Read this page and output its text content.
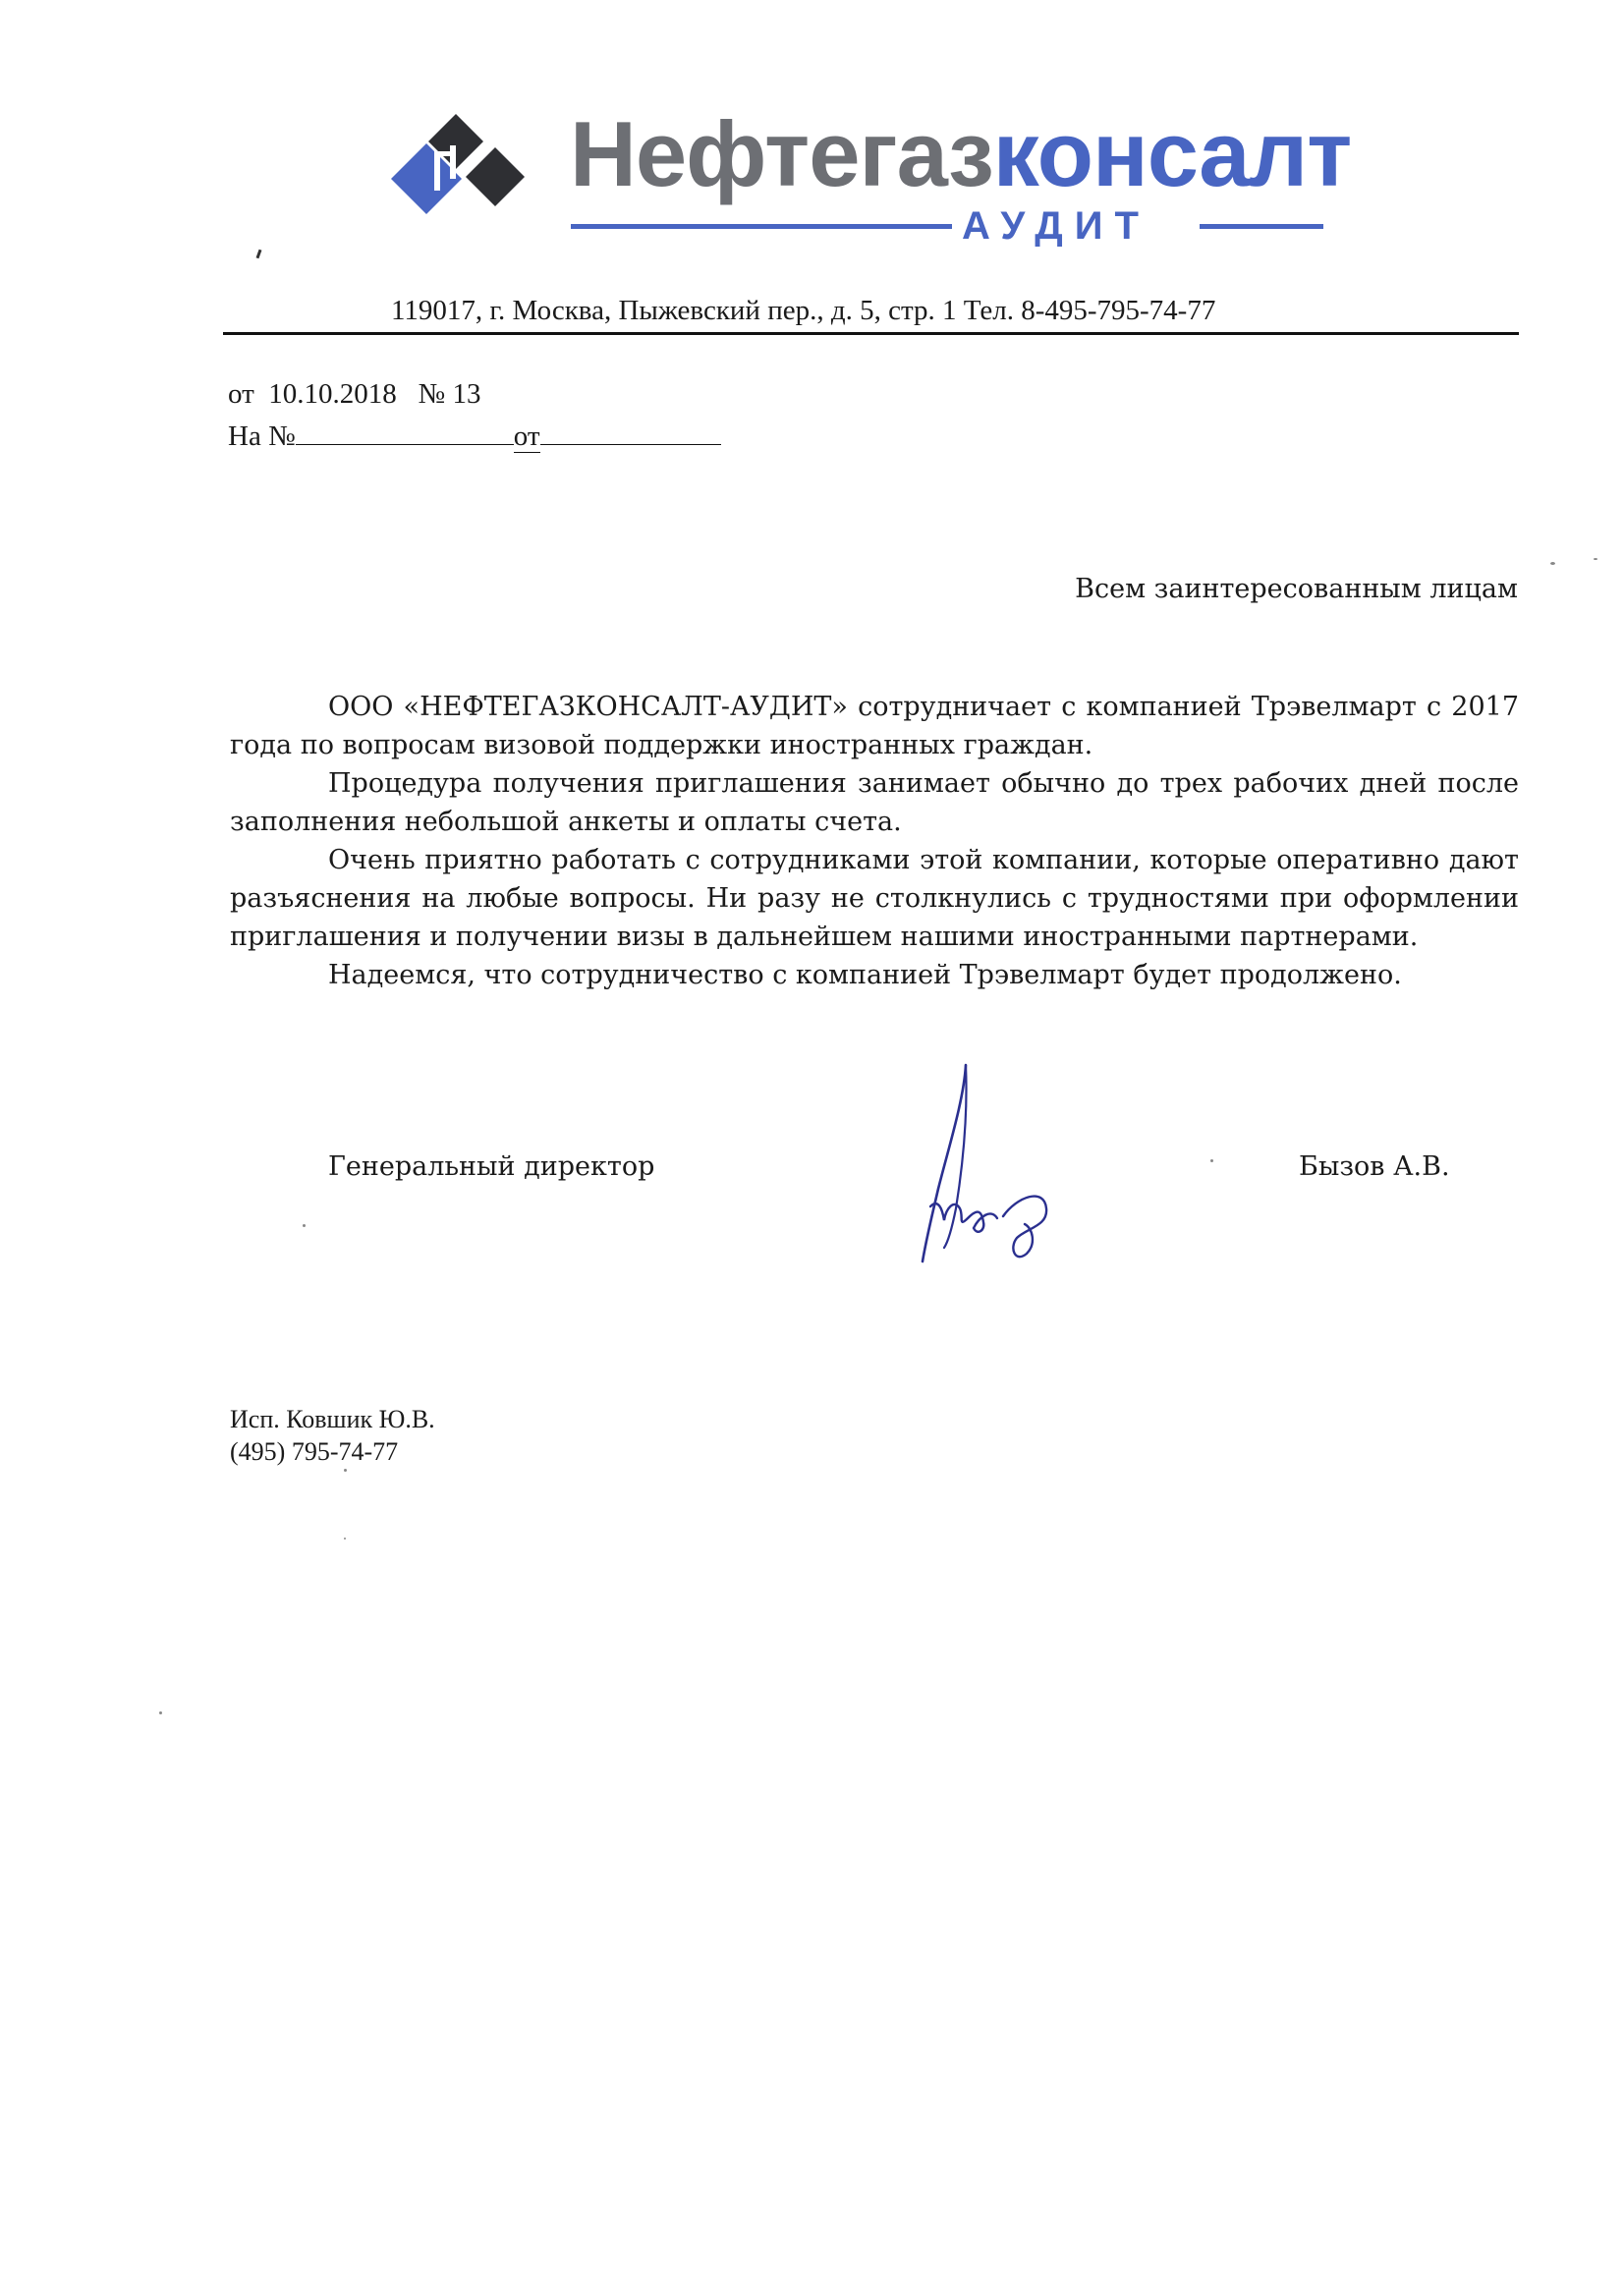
Нефтегазконсалт
АУДИТ
119017, г. Москва, Пыжевский пер., д. 5, стр. 1 Тел. 8-495-795-74-77
от 10.10.2018 № 13
На №	от
Всем заинтересованным лицам

ООО «НЕФТЕГАЗКОНСАЛТ-АУДИТ» сотрудничает с компанией Трэвелмарт с 2017 года по вопросам визовой поддержки иностранных граждан.

Процедура получения приглашения занимает обычно до трех рабочих дней после заполнения небольшой анкеты и оплаты счета.

Очень приятно работать с сотрудниками этой компании, которые оперативно дают разъяснения на любые вопросы. Ни разу не столкнулись с трудностями при оформлении приглашения и получении визы в дальнейшем нашими иностранными партнерами.

Надеемся, что сотрудничество с компанией Трэвелмарт будет продолжено.

Генеральный директор	Бызов А.В.
Исп. Ковшик Ю.В.
(495) 795-74-77
